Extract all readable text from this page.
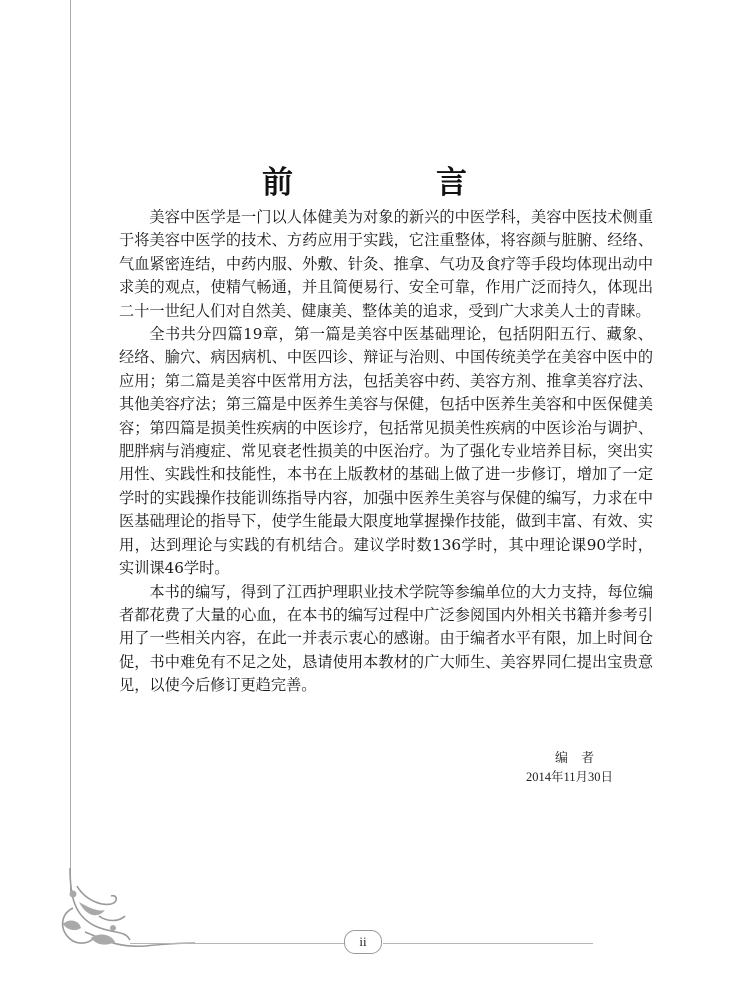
前　言

美容中医学是一门以人体健美为对象的新兴的中医学科，美容中医技术侧重于将美容中医学的技术、方药应用于实践，它注重整体，将容颜与脏腑、经络、气血紧密连结，中药内服、外敷、针灸、推拿、气功及食疗等手段均体现出动中求美的观点，使精气畅通，并且简便易行、安全可靠，作用广泛而持久，体现出二十一世纪人们对自然美、健康美、整体美的追求，受到广大求美人士的青睐。

全书共分四篇19章，第一篇是美容中医基础理论，包括阴阳五行、藏象、经络、腧穴、病因病机、中医四诊、辩证与治则、中国传统美学在美容中医中的应用；第二篇是美容中医常用方法，包括美容中药、美容方剂、推拿美容疗法、其他美容疗法；第三篇是中医养生美容与保健，包括中医养生美容和中医保健美容；第四篇是损美性疾病的中医诊疗，包括常见损美性疾病的中医诊治与调护、肥胖病与消瘦症、常见衰老性损美的中医治疗。为了强化专业培养目标，突出实用性、实践性和技能性，本书在上版教材的基础上做了进一步修订，增加了一定学时的实践操作技能训练指导内容，加强中医养生美容与保健的编写，力求在中医基础理论的指导下，使学生能最大限度地掌握操作技能，做到丰富、有效、实用，达到理论与实践的有机结合。建议学时数136学时，其中理论课90学时，实训课46学时。

本书的编写，得到了江西护理职业技术学院等参编单位的大力支持，每位编者都花费了大量的心血，在本书的编写过程中广泛参阅国内外相关书籍并参考引用了一些相关内容，在此一并表示衷心的感谢。由于编者水平有限，加上时间仓促，书中难免有不足之处，恳请使用本教材的广大师生、美容界同仁提出宝贵意见，以使今后修订更趋完善。

编者
2014年11月30日
ii
